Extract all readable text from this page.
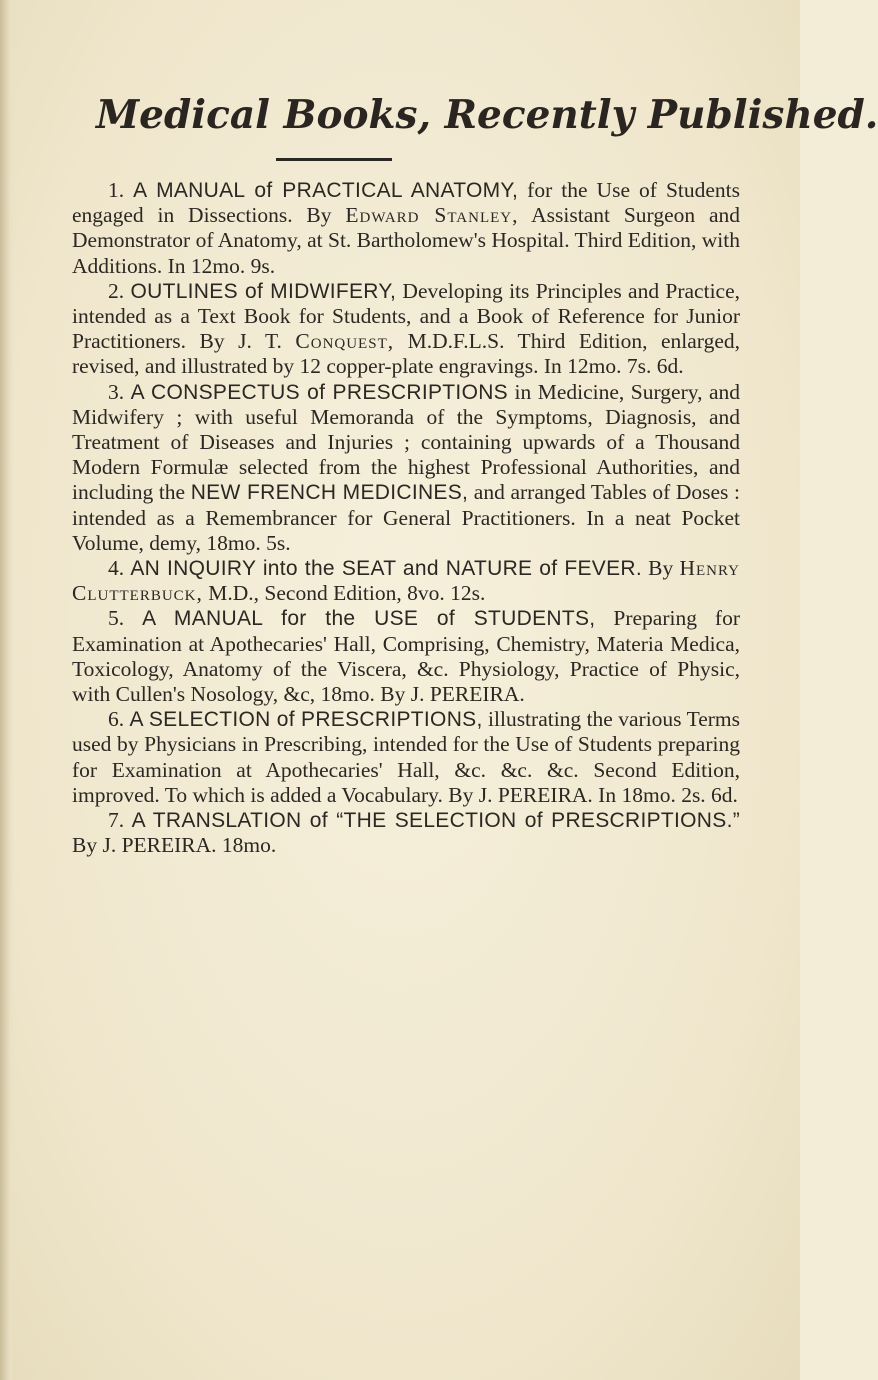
Medical Books, Recently Published.

1. A MANUAL of PRACTICAL ANATOMY, for the Use of Students engaged in Dissections. By Edward Stanley, Assistant Surgeon and Demonstrator of Anatomy, at St. Bartholomew's Hospital. Third Edition, with Additions. In 12mo. 9s.

2. OUTLINES of MIDWIFERY, Developing its Principles and Practice, intended as a Text Book for Students, and a Book of Reference for Junior Practitioners. By J. T. Conquest, M.D.F.L.S. Third Edition, enlarged, revised, and illustrated by 12 copper-plate engravings. In 12mo. 7s. 6d.

3. A CONSPECTUS of PRESCRIPTIONS in Medicine, Surgery, and Midwifery ; with useful Memoranda of the Symptoms, Diagnosis, and Treatment of Diseases and Injuries ; containing upwards of a Thousand Modern Formulæ selected from the highest Professional Authorities, and including the NEW FRENCH MEDICINES, and arranged Tables of Doses : intended as a Remembrancer for General Practitioners. In a neat Pocket Volume, demy, 18mo. 5s.

4. AN INQUIRY into the SEAT and NATURE of FEVER. By Henry Clutterbuck, M.D., Second Edition, 8vo. 12s.

5. A MANUAL for the USE of STUDENTS, Preparing for Examination at Apothecaries' Hall, Comprising, Chemistry, Materia Medica, Toxicology, Anatomy of the Viscera, &c. Physiology, Practice of Physic, with Cullen's Nosology, &c, 18mo. By J. PEREIRA.

6. A SELECTION of PRESCRIPTIONS, illustrating the various Terms used by Physicians in Prescribing, intended for the Use of Students preparing for Examination at Apothecaries' Hall, &c. &c. &c. Second Edition, improved. To which is added a Vocabulary. By J. PEREIRA. In 18mo. 2s. 6d.

7. A TRANSLATION of “THE SELECTION of PRESCRIPTIONS.” By J. PEREIRA. 18mo.
